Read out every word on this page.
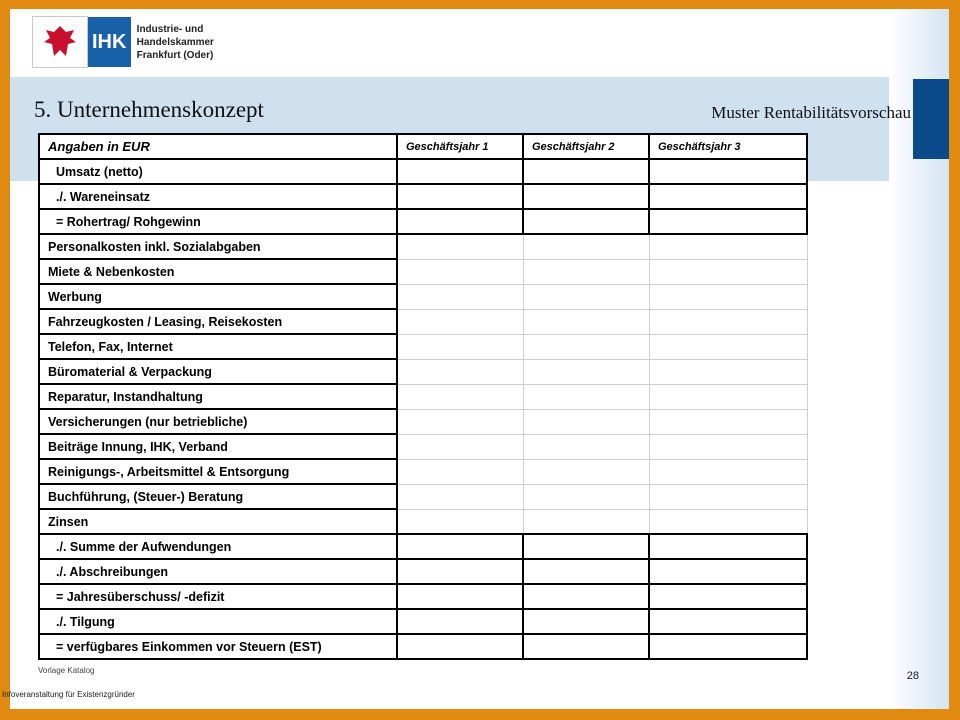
IHK
Industrie- und Handelskammer
Frankfurt (Oder)
5. Unternehmenskonzept	Muster Rentabilitätsvorschau
Angaben in EUR	Geschäftsjahr 1	Geschäftsjahr 2	Geschäftsjahr 3
Umsatz (netto)			
./. Wareneinsatz			
= Rohertrag/ Rohgewinn			
Personalkosten inkl. Sozialabgaben			
Miete & Nebenkosten			
Werbung			
Fahrzeugkosten / Leasing, Reisekosten			
Telefon, Fax, Internet			
Büromaterial & Verpackung			
Reparatur, Instandhaltung			
Versicherungen (nur betriebliche)			
Beiträge Innung, IHK, Verband			
Reinigungs-, Arbeitsmittel & Entsorgung			
Buchführung, (Steuer-) Beratung			
Zinsen			
./. Summe der Aufwendungen			
./. Abschreibungen			
= Jahresüberschuss/ -defizit			
./. Tilgung			
= verfügbares Einkommen vor Steuern (EST)			
Vorlage Katalog	28
Infoveranstaltung für Existenzgründer
